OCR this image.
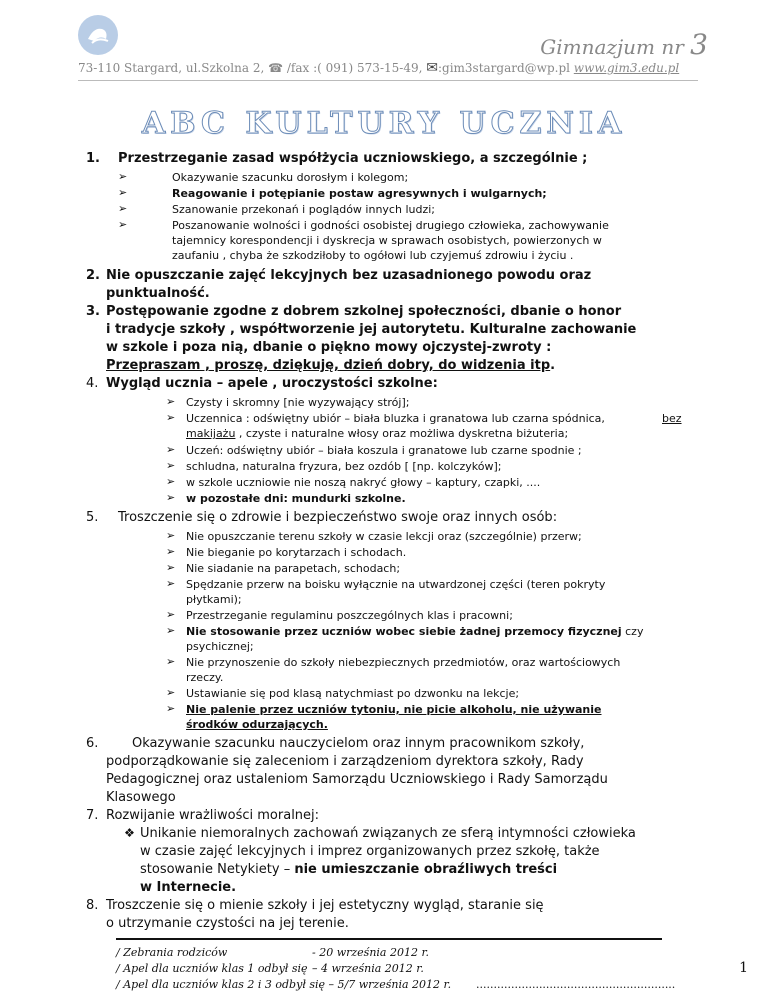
Gimnazjum nr 3
73-110 Stargard, ul.Szkolna 2, ☎ /fax :( 091) 573-15-49, ✉:gim3stargard@wp.pl www.gim3.edu.pl
ABC KULTURY UCZNIA
1. Przestrzeganie zasad współżycia uczniowskiego, a szczególnie ;
➢	Okazywanie szacunku dorosłym i kolegom;
➢	Reagowanie i potępianie postaw agresywnych i wulgarnych;
➢	Szanowanie przekonań i poglądów innych ludzi;
➢	Poszanowanie wolności i godności osobistej drugiego człowieka, zachowywanie
tajemnicy korespondencji i dyskrecja w sprawach osobistych, powierzonych w
zaufaniu , chyba że szkodziłoby to ogółowi lub czyjemuś zdrowiu i życiu .
2. Nie opuszczanie zajęć lekcyjnych bez uzasadnionego powodu oraz
punktualność.
3. Postępowanie zgodne z dobrem szkolnej społeczności, dbanie o honor
i tradycje szkoły , współtworzenie jej autorytetu. Kulturalne zachowanie
w szkole i poza nią, dbanie o piękno mowy ojczystej-zwroty :
Przepraszam , proszę, dziękuję, dzień dobry, do widzenia itp.
4. Wygląd ucznia – apele , uroczystości szkolne:
➢ Czysty i skromny [nie wyzywający strój];
➢ Uczennica : odświętny ubiór – biała bluzka i granatowa lub czarna spódnica,	bez
makijażu , czyste i naturalne włosy oraz możliwa dyskretna biżuteria;
➢ Uczeń: odświętny ubiór – biała koszula i granatowe lub czarne spodnie ;
➢ schludna, naturalna fryzura, bez ozdób [ [np. kolczyków];
➢ w szkole uczniowie nie noszą nakryć głowy – kaptury, czapki, ....
➢ w pozostałe dni: mundurki szkolne.
5. Troszczenie się o zdrowie i bezpieczeństwo swoje oraz innych osób:
➢ Nie opuszczanie terenu szkoły w czasie lekcji oraz (szczególnie) przerw;
➢ Nie bieganie po korytarzach i schodach.
➢ Nie siadanie na parapetach, schodach;
➢ Spędzanie przerw na boisku wyłącznie na utwardzonej części (teren pokryty
płytkami);
➢ Przestrzeganie regulaminu poszczególnych klas i pracowni;
➢ Nie stosowanie przez uczniów wobec siebie żadnej przemocy fizycznej czy
psychicznej;
➢ Nie przynoszenie do szkoły niebezpiecznych przedmiotów, oraz wartościowych
rzeczy.
➢ Ustawianie się pod klasą natychmiast po dzwonku na lekcje;
➢ Nie palenie przez uczniów tytoniu, nie picie alkoholu, nie używanie
środków odurzających.
6.	Okazywanie szacunku nauczycielom oraz innym pracownikom szkoły,
podporządkowanie się zaleceniom i zarządzeniom dyrektora szkoły, Rady
Pedagogicznej oraz ustaleniom Samorządu Uczniowskiego i Rady Samorządu
Klasowego
7. Rozwijanie wrażliwości moralnej:
❖ Unikanie niemoralnych zachowań związanych ze sferą intymności człowieka
w czasie zajęć lekcyjnych i imprez organizowanych przez szkołę, także
stosowanie Netykiety – nie umieszczanie obraźliwych treści
w Internecie.
8. Troszczenie się o mienie szkoły i jej estetyczny wygląd, staranie się
o utrzymanie czystości na jej terenie.
/ Zebrania rodziców	- 20 września 2012 r.
/ Apel dla uczniów klas 1 odbył się – 4 września 2012 r.
/ Apel dla uczniów klas 2 i 3 odbył się – 5/7 września 2012 r. .........................................................
1
